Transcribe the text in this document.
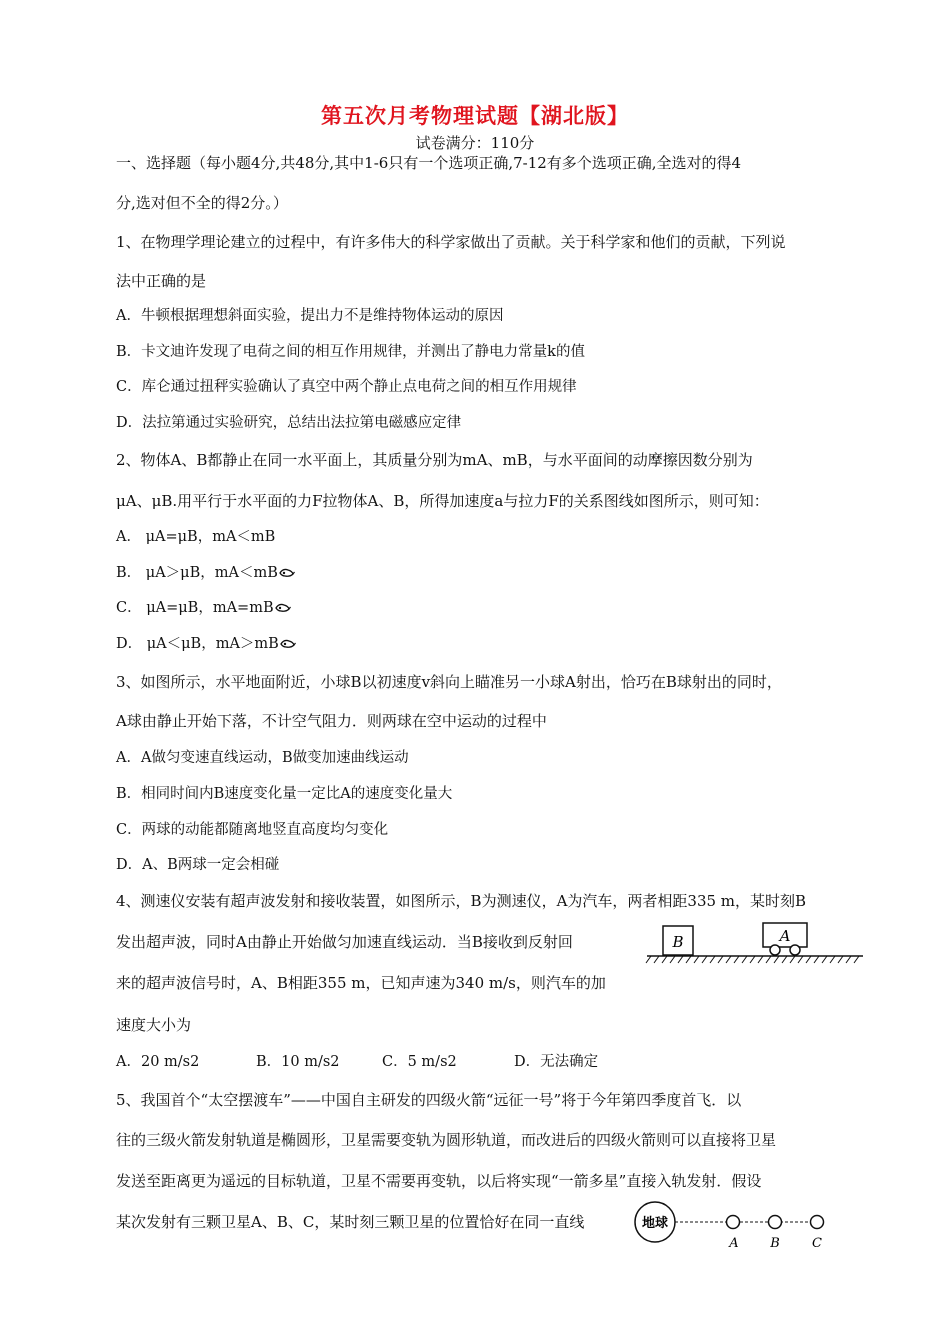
第五次月考物理试题【湖北版】
试卷满分：110分
一、选择题（每小题4分,共48分,其中1-6只有一个选项正确,7-12有多个选项正确,全选对的得4
分,选对但不全的得2分。）
1、在物理学理论建立的过程中，有许多伟大的科学家做出了贡献。关于科学家和他们的贡献，下列说
法中正确的是
A．牛顿根据理想斜面实验，提出力不是维持物体运动的原因
B．卡文迪许发现了电荷之间的相互作用规律，并测出了静电力常量k的值
C．库仑通过扭秤实验确认了真空中两个静止点电荷之间的相互作用规律
D．法拉第通过实验研究，总结出法拉第电磁感应定律
2、物体A、B都静止在同一水平面上，其质量分别为mA、mB，与水平面间的动摩擦因数分别为
μA、μB.用平行于水平面的力F拉物体A、B，所得加速度a与拉力F的关系图线如图所示，则可知：
A． μA=μB，mA＜mB
B． μA＞μB，mA＜mB
C． μA=μB，mA=mB
D． μA＜μB，mA＞mB
3、如图所示，水平地面附近，小球B以初速度v斜向上瞄准另一小球A射出，恰巧在B球射出的同时，
A球由静止开始下落，不计空气阻力．则两球在空中运动的过程中
A．A做匀变速直线运动，B做变加速曲线运动
B．相同时间内B速度变化量一定比A的速度变化量大
C．两球的动能都随离地竖直高度均匀变化
D．A、B两球一定会相碰
4、测速仪安装有超声波发射和接收装置，如图所示，B为测速仪，A为汽车，两者相距335 m，某时刻B
发出超声波，同时A由静止开始做匀加速直线运动．当B接收到反射回
来的超声波信号时，A、B相距355 m，已知声速为340 m/s，则汽车的加
速度大小为
A．20 m/s2	B．10 m/s2	C．5 m/s2	D．无法确定
B	A
5、我国首个“太空摆渡车”——中国自主研发的四级火箭“远征一号”将于今年第四季度首飞．以
往的三级火箭发射轨道是椭圆形，卫星需要变轨为圆形轨道，而改进后的四级火箭则可以直接将卫星
发送至距离更为遥远的目标轨道，卫星不需要再变轨，以后将实现“一箭多星”直接入轨发射．假设
某次发射有三颗卫星A、B、C，某时刻三颗卫星的位置恰好在同一直线	地球
A B C
